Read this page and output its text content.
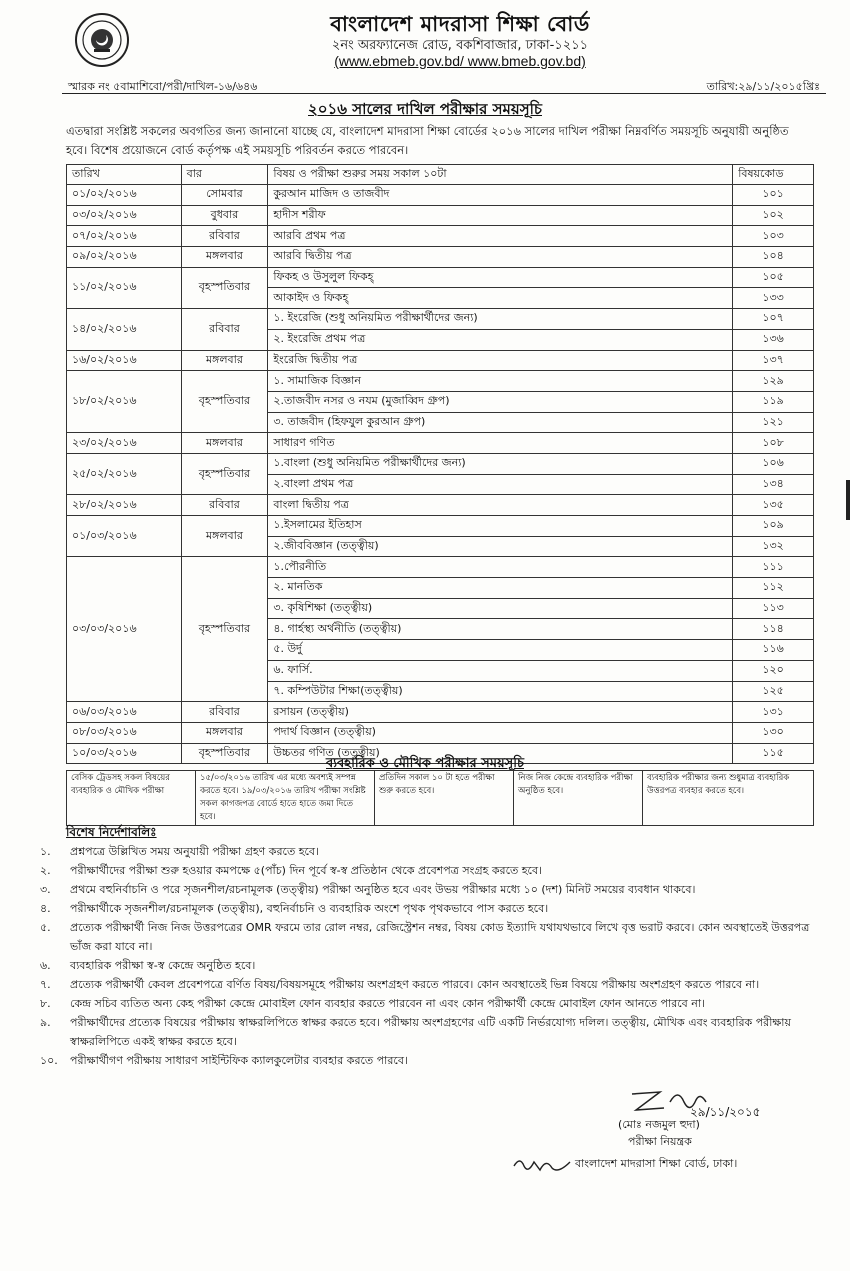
বাংলাদেশ মাদরাসা শিক্ষা বোর্ড
২নং অরফ্যানেজ রোড, বকশিবাজার, ঢাকা-১২১১
(www.ebmeb.gov.bd/ www.bmeb.gov.bd)
স্মারক নং ৫বামাশিবো/পরী/দাখিল-১৬/৬৪৬	তারিখ:২৯/১১/২০১৫খ্রিঃ
২০১৬ সালের দাখিল পরীক্ষার সময়সূচি
এতদ্বারা সংশ্লিষ্ট সকলের অবগতির জন্য জানানো যাচ্ছে যে, বাংলাদেশ মাদরাসা শিক্ষা বোর্ডের ২০১৬ সালের দাখিল পরীক্ষা নিম্নবর্ণিত সময়সূচি অনুযায়ী অনুষ্ঠিত হবে। বিশেষ প্রয়োজনে বোর্ড কর্তৃপক্ষ এই সময়সূচি পরিবর্তন করতে পারবেন।
তারিখ	বার	বিষয় ও পরীক্ষা শুরুর সময় সকাল ১০টা	বিষয়কোড
০১/০২/২০১৬	সোমবার	কুরআন মাজিদ ও তাজবীদ	১০১
০৩/০২/২০১৬	বুধবার	হাদীস শরীফ	১০২
০৭/০২/২০১৬	রবিবার	আরবি প্রথম পত্র	১০৩
০৯/০২/২০১৬	মঙ্গলবার	আরবি দ্বিতীয় পত্র	১০৪
১১/০২/২০১৬	বৃহস্পতিবার	ফিকহ ও উসুলুল ফিকহ্‌	১০৫
		আকাইদ ও ফিকহ্‌	১৩৩
১৪/০২/২০১৬	রবিবার	১. ইংরেজি (শুধু অনিয়মিত পরীক্ষার্থীদের জন্য)	১০৭
		২. ইংরেজি প্রথম পত্র	১৩৬
১৬/০২/২০১৬	মঙ্গলবার	ইংরেজি দ্বিতীয় পত্র	১৩৭
১৮/০২/২০১৬	বৃহস্পতিবার	১. সামাজিক বিজ্ঞান	১২৯
		২.তাজবীদ নসর ও নযম (মুজাব্বিদ গ্রুপ)	১১৯
		৩. তাজবীদ (হিফযুল কুরআন গ্রুপ)	১২১
২৩/০২/২০১৬	মঙ্গলবার	সাধারণ গণিত	১০৮
২৫/০২/২০১৬	বৃহস্পতিবার	১.বাংলা (শুধু অনিয়মিত পরীক্ষার্থীদের জন্য)	১০৬
		২.বাংলা প্রথম পত্র	১৩৪
২৮/০২/২০১৬	রবিবার	বাংলা দ্বিতীয় পত্র	১৩৫
০১/০৩/২০১৬	মঙ্গলবার	১.ইসলামের ইতিহাস	১০৯
		২.জীববিজ্ঞান (তত্ত্বীয়)	১৩২
০৩/০৩/২০১৬	বৃহস্পতিবার	১.পৌরনীতি	১১১
		২. মানতিক	১১২
		৩. কৃষিশিক্ষা (তত্ত্বীয়)	১১৩
		৪. গার্হস্থ্য অর্থনীতি (তত্ত্বীয়)	১১৪
		৫. উর্দু	১১৬
		৬. ফার্সি.	১২০
		৭. কম্পিউটার শিক্ষা(তত্ত্বীয়)	১২৫
০৬/০৩/২০১৬	রবিবার	রসায়ন (তত্ত্বীয়)	১৩১
০৮/০৩/২০১৬	মঙ্গলবার	পদার্থ বিজ্ঞান (তত্ত্বীয়)	১৩০
১০/০৩/২০১৬	বৃহস্পতিবার	উচ্চতর গণিত (তত্ত্বীয়)	১১৫
ব্যবহারিক ও মৌখিক পরীক্ষার সময়সূচি
বেসিক ট্রেডসহ সকল বিষয়ের ব্যবহারিক ও মৌখিক পরীক্ষা	১৫/০৩/২০১৬ তারিখ এর মধ্যে অবশ্যই সম্পন্ন করতে হবে। ১৯/০৩/২০১৬ তারিখ পরীক্ষা সংশ্লিষ্ট সকল কাগজপত্র বোর্ডে হাতে হাতে জমা দিতে হবে।	প্রতিদিন সকাল ১০ টা হতে পরীক্ষা শুরু করতে হবে।	নিজ নিজ কেন্দ্রে ব্যবহারিক পরীক্ষা অনুষ্ঠিত হবে।	ব্যবহারিক পরীক্ষার জন্য শুধুমাত্র ব্যবহারিক উত্তরপত্র ব্যবহার করতে হবে।
বিশেষ নির্দেশাবলিঃ
১.	প্রশ্নপত্রে উল্লিখিত সময় অনুযায়ী পরীক্ষা গ্রহণ করতে হবে।
২.	পরীক্ষার্থীদের পরীক্ষা শুরু হওয়ার কমপক্ষে ৫(পাঁচ) দিন পূর্বে স্ব-স্ব প্রতিষ্ঠান থেকে প্রবেশপত্র সংগ্রহ করতে হবে।
৩.	প্রথমে বহুনির্বাচনি ও পরে সৃজনশীল/রচনামূলক (তত্ত্বীয়) পরীক্ষা অনুষ্ঠিত হবে এবং উভয় পরীক্ষার মধ্যে ১০ (দশ) মিনিট সময়ের ব্যবধান থাকবে।
৪.	পরীক্ষার্থীকে সৃজনশীল/রচনামূলক (তত্ত্বীয়), বহুনির্বাচনি ও ব্যবহারিক অংশে পৃথক পৃথকভাবে পাস করতে হবে।
৫.	প্রত্যেক পরীক্ষার্থী নিজ নিজ উত্তরপত্রের OMR ফরমে তার রোল নম্বর, রেজিস্ট্রেশন নম্বর, বিষয় কোড ইত্যাদি যথাযথভাবে লিখে বৃত্ত ভরাট করবে। কোন অবস্থাতেই উত্তরপত্র ভাঁজ করা যাবে না।
৬.	ব্যবহারিক পরীক্ষা স্ব-স্ব কেন্দ্রে অনুষ্ঠিত হবে।
৭.	প্রত্যেক পরীক্ষার্থী কেবল প্রবেশপত্রে বর্ণিত বিষয়/বিষয়সমূহে পরীক্ষায় অংশগ্রহণ করতে পারবে। কোন অবস্থাতেই ভিন্ন বিষয়ে পরীক্ষায় অংশগ্রহণ করতে পারবে না।
৮.	কেন্দ্র সচিব ব্যতিত অন্য কেহ পরীক্ষা কেন্দ্রে মোবাইল ফোন ব্যবহার করতে পারবেন না এবং কোন পরীক্ষার্থী কেন্দ্রে মোবাইল ফোন আনতে পারবে না।
৯.	পরীক্ষার্থীদের প্রত্যেক বিষয়ের পরীক্ষায় স্বাক্ষরলিপিতে স্বাক্ষর করতে হবে। পরীক্ষায় অংশগ্রহণের এটি একটি নির্ভরযোগ্য দলিল। তত্ত্বীয়, মৌখিক এবং ব্যবহারিক পরীক্ষায় স্বাক্ষরলিপিতে একই স্বাক্ষর করতে হবে।
১০.	পরীক্ষার্থীগণ পরীক্ষায় সাধারণ সাইন্টিফিক ক্যালকুলেটার ব্যবহার করতে পারবে।
২৯/১১/২০১৫
(মোঃ নজমুল হুদা)
পরীক্ষা নিয়ন্ত্রক
বাংলাদেশ মাদরাসা শিক্ষা বোর্ড, ঢাকা।
